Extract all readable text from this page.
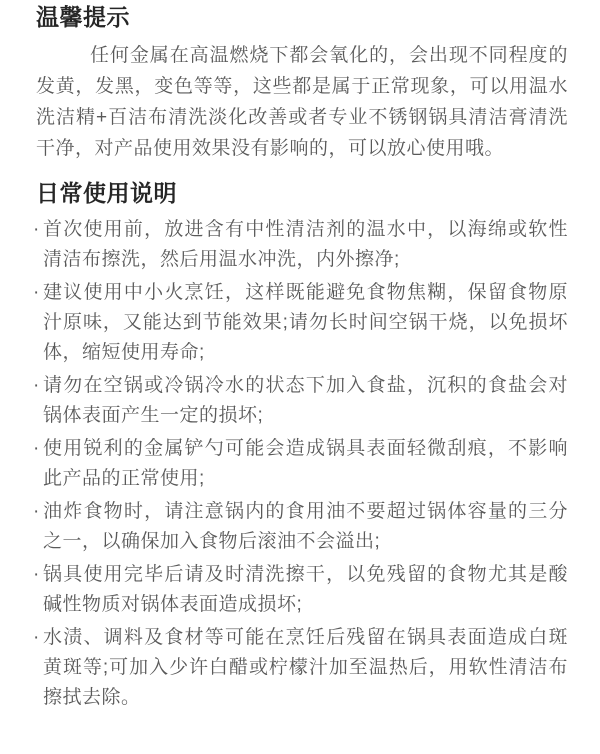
温馨提示

任何金属在高温燃烧下都会氧化的，会出现不同程度的发黄，发黑，变色等等，这些都是属于正常现象，可以用温水洗洁精+百洁布清洗淡化改善或者专业不锈钢锅具清洁膏清洗干净，对产品使用效果没有影响的，可以放心使用哦。

日常使用说明
· 首次使用前，放进含有中性清洁剂的温水中，以海绵或软性清洁布擦洗，然后用温水冲洗，内外擦净;
· 建议使用中小火烹饪，这样既能避免食物焦糊，保留食物原汁原味，又能达到节能效果;请勿长时间空锅干烧，以免损坏体，缩短使用寿命;
· 请勿在空锅或冷锅冷水的状态下加入食盐，沉积的食盐会对锅体表面产生一定的损坏;
· 使用锐利的金属铲勺可能会造成锅具表面轻微刮痕，不影响此产品的正常使用;
· 油炸食物时，请注意锅内的食用油不要超过锅体容量的三分之一，以确保加入食物后滚油不会溢出;
· 锅具使用完毕后请及时清洗擦干，以免残留的食物尤其是酸碱性物质对锅体表面造成损坏;
· 水渍、调料及食材等可能在烹饪后残留在锅具表面造成白斑黄斑等;可加入少许白醋或柠檬汁加至温热后，用软性清洁布擦拭去除。
